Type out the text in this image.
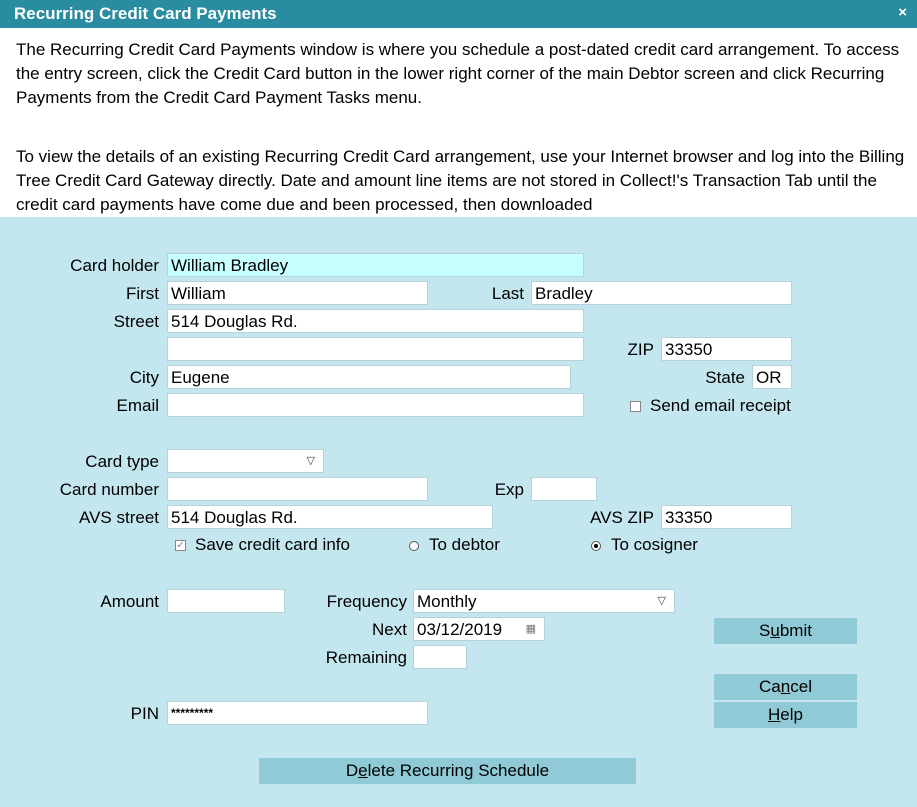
Recurring Credit Card Payments	×

The Recurring Credit Card Payments window is where you schedule a post-dated credit card arrangement. To access the entry screen, click the Credit Card button in the lower right corner of the main Debtor screen and click Recurring Payments from the Credit Card Payment Tasks menu.

To view the details of an existing Recurring Credit Card arrangement, use your Internet browser and log into the Billing Tree Credit Card Gateway directly. Date and amount line items are not stored in Collect!'s Transaction Tab until the credit card payments have come due and been processed, then downloaded

Card holder William Bradley
First William	Last Bradley
Street 514 Douglas Rd.
ZIP 33350
City Eugene	State OR
Email	Send email receipt
Card type	▽
Card number	Exp
AVS street 514 Douglas Rd.	AVS ZIP 33350
✓ Save credit card info	To debtor	To cosigner
Amount	Frequency Monthly	▽
Next 03/12/2019 ▦
Remaining
PIN	*********
Submit
Cancel
Help
Delete Recurring Schedule
